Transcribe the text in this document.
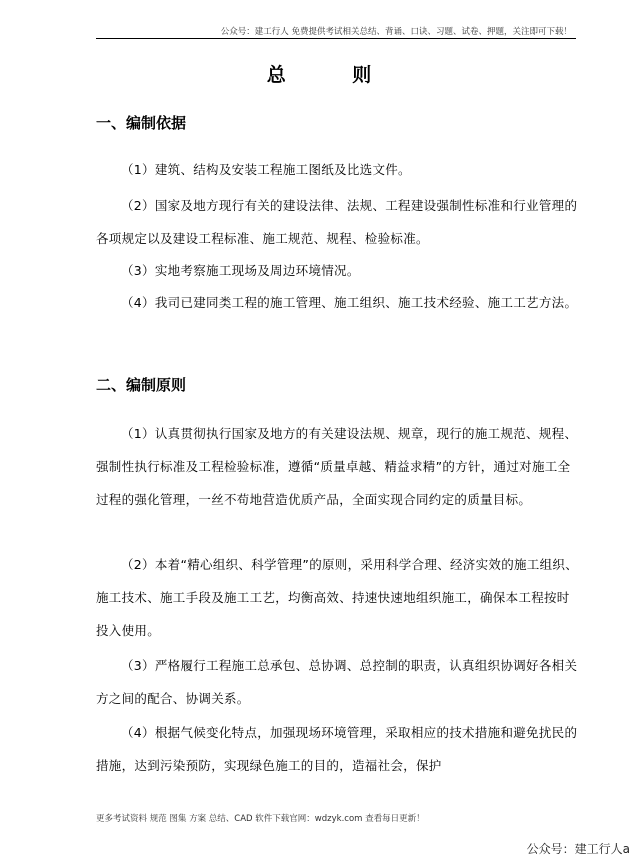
公众号：建工行人 免费提供考试相关总结、背诵、口诀、习题、试卷、押题，关注即可下载！
总 则
一、编制依据
（1）建筑、结构及安装工程施工图纸及比选文件。
（2）国家及地方现行有关的建设法律、法规、工程建设强制性标准和行业管理的各项规定以及建设工程标准、施工规范、规程、检验标准。
（3）实地考察施工现场及周边环境情况。
（4）我司已建同类工程的施工管理、施工组织、施工技术经验、施工工艺方法。
二、编制原则
（1）认真贯彻执行国家及地方的有关建设法规、规章，现行的施工规范、规程、强制性执行标准及工程检验标准，遵循“质量卓越、精益求精”的方针，通过对施工全过程的强化管理，一丝不苟地营造优质产品，全面实现合同约定的质量目标。
（2）本着“精心组织、科学管理”的原则，采用科学合理、经济实效的施工组织、施工技术、施工手段及施工工艺，均衡高效、持速快速地组织施工，确保本工程按时投入使用。
（3）严格履行工程施工总承包、总协调、总控制的职责，认真组织协调好各相关方之间的配合、协调关系。
（4）根据气候变化特点，加强现场环境管理，采取相应的技术措施和避免扰民的措施，达到污染预防，实现绿色施工的目的，造福社会，保护
更多考试资料 规范 图集 方案 总结、CAD 软件下载官网：wdzyk.com 查看每日更新！
公众号：建工行人a
